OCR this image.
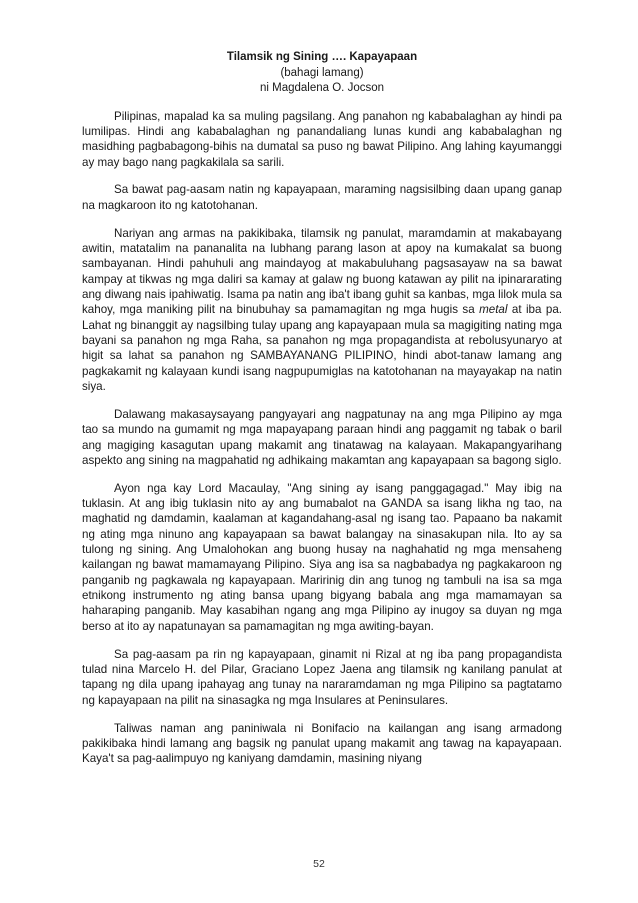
Tilamsik ng Sining …. Kapayapaan
(bahagi lamang)
ni Magdalena O. Jocson

Pilipinas, mapalad ka sa muling pagsilang. Ang panahon ng kababalaghan ay hindi pa lumilipas. Hindi ang kababalaghan ng panandaliang lunas kundi ang kababalaghan ng masidhing pagbabagong-bihis na dumatal sa puso ng bawat Pilipino. Ang lahing kayumanggi ay may bago nang pagkakilala sa sarili.

Sa bawat pag-aasam natin ng kapayapaan, maraming nagsisilbing daan upang ganap na magkaroon ito ng katotohanan.

Nariyan ang armas na pakikibaka, tilamsik ng panulat, maramdamin at makabayang awitin, matatalim na pananalita na lubhang parang lason at apoy na kumakalat sa buong sambayanan. Hindi pahuhuli ang maindayog at makabuluhang pagsasayaw na sa bawat kampay at tikwas ng mga daliri sa kamay at galaw ng buong katawan ay pilit na ipinararating ang diwang nais ipahiwatig. Isama pa natin ang iba't ibang guhit sa kanbas, mga lilok mula sa kahoy, mga maniking pilit na binubuhay sa pamamagitan ng mga hugis sa metal at iba pa. Lahat ng binanggit ay nagsilbing tulay upang ang kapayapaan mula sa magigiting nating mga bayani sa panahon ng mga Raha, sa panahon ng mga propagandista at rebolusyunaryo at higit sa lahat sa panahon ng SAMBAYANANG PILIPINO, hindi abot-tanaw lamang ang pagkakamit ng kalayaan kundi isang nagpupumiglas na katotohanan na mayayakap na natin siya.

Dalawang makasaysayang pangyayari ang nagpatunay na ang mga Pilipino ay mga tao sa mundo na gumamit ng mga mapayapang paraan hindi ang paggamit ng tabak o baril ang magiging kasagutan upang makamit ang tinatawag na kalayaan. Makapangyarihang aspekto ang sining na magpahatid ng adhikaing makamtan ang kapayapaan sa bagong siglo.

Ayon nga kay Lord Macaulay, "Ang sining ay isang panggagagad." May ibig na tuklasin. At ang ibig tuklasin nito ay ang bumabalot na GANDA sa isang likha ng tao, na maghatid ng damdamin, kaalaman at kagandahang-asal ng isang tao. Papaano ba nakamit ng ating mga ninuno ang kapayapaan sa bawat balangay na sinasakupan nila. Ito ay sa tulong ng sining. Ang Umalohokan ang buong husay na naghahatid ng mga mensaheng kailangan ng bawat mamamayang Pilipino. Siya ang isa sa nagbabadya ng pagkakaroon ng panganib ng pagkawala ng kapayapaan. Maririnig din ang tunog ng tambuli na isa sa mga etnikong instrumento ng ating bansa upang bigyang babala ang mga mamamayan sa haharaping panganib. May kasabihan ngang ang mga Pilipino ay inugoy sa duyan ng mga berso at ito ay napatunayan sa pamamagitan ng mga awiting-bayan.

Sa pag-aasam pa rin ng kapayapaan, ginamit ni Rizal at ng iba pang propagandista tulad nina Marcelo H. del Pilar, Graciano Lopez Jaena ang tilamsik ng kanilang panulat at tapang ng dila upang ipahayag ang tunay na nararamdaman ng mga Pilipino sa pagtatamo ng kapayapaan na pilit na sinasagka ng mga Insulares at Peninsulares.

Taliwas naman ang paniniwala ni Bonifacio na kailangan ang isang armadong pakikibaka hindi lamang ang bagsik ng panulat upang makamit ang tawag na kapayapaan. Kaya't sa pag-aalimpuyo ng kaniyang damdamin, masining niyang

52
